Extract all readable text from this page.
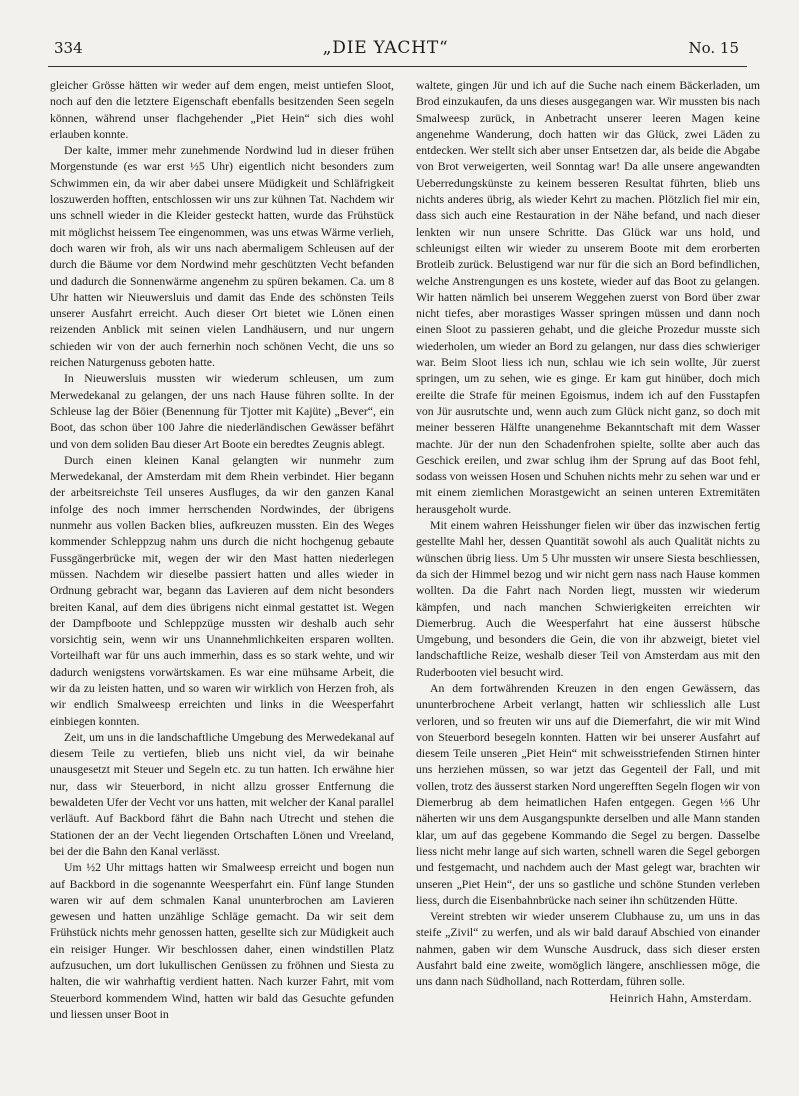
334	„DIE YACHT“	No. 15

gleicher Grösse hätten wir weder auf dem engen, meist untiefen Sloot, noch auf den die letztere Eigenschaft ebenfalls besitzenden Seen segeln können, während unser flachgehender „Piet Hein“ sich dies wohl erlauben konnte.

Der kalte, immer mehr zunehmende Nordwind lud in dieser frühen Morgenstunde (es war erst ½5 Uhr) eigentlich nicht besonders zum Schwimmen ein, da wir aber dabei unsere Müdigkeit und Schläfrigkeit loszuwerden hofften, entschlossen wir uns zur kühnen Tat. Nachdem wir uns schnell wieder in die Kleider gesteckt hatten, wurde das Frühstück mit möglichst heissem Tee eingenommen, was uns etwas Wärme verlieh, doch waren wir froh, als wir uns nach abermaligem Schleusen auf der durch die Bäume vor dem Nordwind mehr geschützten Vecht befanden und dadurch die Sonnenwärme angenehm zu spüren bekamen. Ca. um 8 Uhr hatten wir Nieuwersluis und damit das Ende des schönsten Teils unserer Ausfahrt erreicht. Auch dieser Ort bietet wie Lönen einen reizenden Anblick mit seinen vielen Landhäusern, und nur ungern schieden wir von der auch fernerhin noch schönen Vecht, die uns so reichen Naturgenuss geboten hatte.

In Nieuwersluis mussten wir wiederum schleusen, um zum Merwedekanal zu gelangen, der uns nach Hause führen sollte. In der Schleuse lag der Böier (Benennung für Tjotter mit Kajüte) „Bever“, ein Boot, das schon über 100 Jahre die niederländischen Gewässer befährt und von dem soliden Bau dieser Art Boote ein beredtes Zeugnis ablegt.

Durch einen kleinen Kanal gelangten wir nunmehr zum Merwedekanal, der Amsterdam mit dem Rhein verbindet. Hier begann der arbeitsreichste Teil unseres Ausfluges, da wir den ganzen Kanal infolge des noch immer herrschenden Nordwindes, der übrigens nunmehr aus vollen Backen blies, aufkreuzen mussten. Ein des Weges kommender Schleppzug nahm uns durch die nicht hochgenug gebaute Fussgängerbrücke mit, wegen der wir den Mast hatten niederlegen müssen. Nachdem wir dieselbe passiert hatten und alles wieder in Ordnung gebracht war, begann das Lavieren auf dem nicht besonders breiten Kanal, auf dem dies übrigens nicht einmal gestattet ist. Wegen der Dampfboote und Schleppzüge mussten wir deshalb auch sehr vorsichtig sein, wenn wir uns Unannehmlichkeiten ersparen wollten. Vorteilhaft war für uns auch immerhin, dass es so stark wehte, und wir dadurch wenigstens vorwärtskamen. Es war eine mühsame Arbeit, die wir da zu leisten hatten, und so waren wir wirklich von Herzen froh, als wir endlich Smalweesp erreichten und links in die Weesperfahrt einbiegen konnten.

Zeit, um uns in die landschaftliche Umgebung des Merwedekanal auf diesem Teile zu vertiefen, blieb uns nicht viel, da wir beinahe unausgesetzt mit Steuer und Segeln etc. zu tun hatten. Ich erwähne hier nur, dass wir Steuerbord, in nicht allzu grosser Entfernung die bewaldeten Ufer der Vecht vor uns hatten, mit welcher der Kanal parallel verläuft. Auf Backbord fährt die Bahn nach Utrecht und stehen die Stationen der an der Vecht liegenden Ortschaften Lönen und Vreeland, bei der die Bahn den Kanal verlässt.

Um ½2 Uhr mittags hatten wir Smalweesp erreicht und bogen nun auf Backbord in die sogenannte Weesperfahrt ein. Fünf lange Stunden waren wir auf dem schmalen Kanal ununterbrochen am Lavieren gewesen und hatten unzählige Schläge gemacht. Da wir seit dem Frühstück nichts mehr genossen hatten, gesellte sich zur Müdigkeit auch ein reisiger Hunger. Wir beschlossen daher, einen windstillen Platz aufzusuchen, um dort lukullischen Genüssen zu fröhnen und Siesta zu halten, die wir wahrhaftig verdient hatten. Nach kurzer Fahrt, mit vom Steuerbord kommendem Wind, hatten wir bald das Gesuchte gefunden und liessen unser Boot in

waltete, gingen Jür und ich auf die Suche nach einem Bäckerladen, um Brod einzukaufen, da uns dieses ausgegangen war. Wir mussten bis nach Smalweesp zurück, in Anbetracht unserer leeren Magen keine angenehme Wanderung, doch hatten wir das Glück, zwei Läden zu entdecken. Wer stellt sich aber unser Entsetzen dar, als beide die Abgabe von Brot verweigerten, weil Sonntag war! Da alle unsere angewandten Ueberredungskünste zu keinem besseren Resultat führten, blieb uns nichts anderes übrig, als wieder Kehrt zu machen. Plötzlich fiel mir ein, dass sich auch eine Restauration in der Nähe befand, und nach dieser lenkten wir nun unsere Schritte. Das Glück war uns hold, und schleunigst eilten wir wieder zu unserem Boote mit dem erorberten Brotleib zurück. Belustigend war nur für die sich an Bord befindlichen, welche Anstrengungen es uns kostete, wieder auf das Boot zu gelangen. Wir hatten nämlich bei unserem Weggehen zuerst von Bord über zwar nicht tiefes, aber morastiges Wasser springen müssen und dann noch einen Sloot zu passieren gehabt, und die gleiche Prozedur musste sich wiederholen, um wieder an Bord zu gelangen, nur dass dies schwieriger war. Beim Sloot liess ich nun, schlau wie ich sein wollte, Jür zuerst springen, um zu sehen, wie es ginge. Er kam gut hinüber, doch mich ereilte die Strafe für meinen Egoismus, indem ich auf den Fusstapfen von Jür ausrutschte und, wenn auch zum Glück nicht ganz, so doch mit meiner besseren Hälfte unangenehme Bekanntschaft mit dem Wasser machte. Jür der nun den Schadenfrohen spielte, sollte aber auch das Geschick ereilen, und zwar schlug ihm der Sprung auf das Boot fehl, sodass von weissen Hosen und Schuhen nichts mehr zu sehen war und er mit einem ziemlichen Morastgewicht an seinen unteren Extremitäten herausgeholt wurde.

Mit einem wahren Heisshunger fielen wir über das inzwischen fertig gestellte Mahl her, dessen Quantität sowohl als auch Qualität nichts zu wünschen übrig liess. Um 5 Uhr mussten wir unsere Siesta beschliessen, da sich der Himmel bezog und wir nicht gern nass nach Hause kommen wollten. Da die Fahrt nach Norden liegt, mussten wir wiederum kämpfen, und nach manchen Schwierigkeiten erreichten wir Diemerbrug. Auch die Weesperfahrt hat eine äusserst hübsche Umgebung, und besonders die Gein, die von ihr abzweigt, bietet viel landschaftliche Reize, weshalb dieser Teil von Amsterdam aus mit den Ruderbooten viel besucht wird.

An dem fortwährenden Kreuzen in den engen Gewässern, das ununterbrochene Arbeit verlangt, hatten wir schliesslich alle Lust verloren, und so freuten wir uns auf die Diemerfahrt, die wir mit Wind von Steuerbord besegeln konnten. Hatten wir bei unserer Ausfahrt auf diesem Teile unseren „Piet Hein“ mit schweisstriefenden Stirnen hinter uns herziehen müssen, so war jetzt das Gegenteil der Fall, und mit vollen, trotz des äusserst starken Nord ungerefften Segeln flogen wir von Diemerbrug ab dem heimatlichen Hafen entgegen. Gegen ½6 Uhr näherten wir uns dem Ausgangspunkte derselben und alle Mann standen klar, um auf das gegebene Kommando die Segel zu bergen. Dasselbe liess nicht mehr lange auf sich warten, schnell waren die Segel geborgen und festgemacht, und nachdem auch der Mast gelegt war, brachten wir unseren „Piet Hein“, der uns so gastliche und schöne Stunden verleben liess, durch die Eisenbahnbrücke nach seiner ihn schützenden Hütte.

Vereint strebten wir wieder unserem Clubhause zu, um uns in das steife „Zivil“ zu werfen, und als wir bald darauf Abschied von einander nahmen, gaben wir dem Wunsche Ausdruck, dass sich dieser ersten Ausfahrt bald eine zweite, womöglich längere, anschliessen möge, die uns dann nach Südholland, nach Rotterdam, führen solle.

Heinrich Hahn, Amsterdam.
